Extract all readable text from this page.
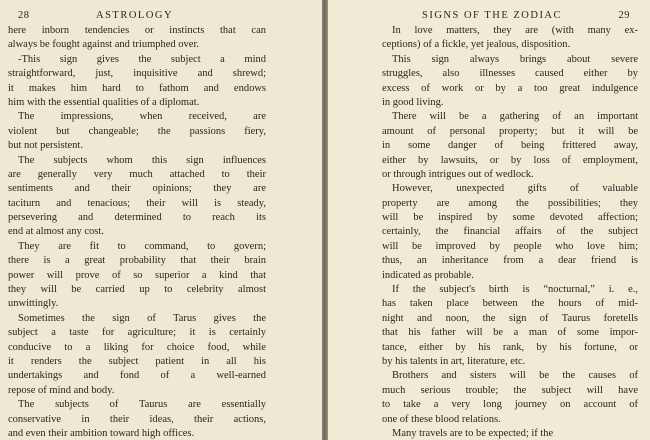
28	ASTROLOGY
here inborn tendencies or instincts that can
always be fought against and triumphed over.
-This sign gives the subject a mind
straightforward, just, inquisitive and shrewd;
it makes him hard to fathom and endows
him with the essential qualities of a diplomat.
The impressions, when received, are
violent but changeable; the passions fiery,
but not persistent.
The subjects whom this sign influences
are generally very much attached to their
sentiments and their opinions; they are
taciturn and tenacious; their will is steady,
persevering and determined to reach its
end at almost any cost.
They are fit to command, to govern;
there is a great probability that their brain
power will prove of so superior a kind that
they will be carried up to celebrity almost
unwittingly.
Sometimes the sign of Tarus gives the
subject a taste for agriculture; it is certainly
conducive to a liking for choice food, while
it renders the subject patient in all his
undertakings and fond of a well-earned
repose of mind and body.
The subjects of Taurus are essentially
conservative in their ideas, their actions,
and even their ambition toward high offices.
SIGNS OF THE ZODIAC	29
In love matters, they are (with many ex-
ceptions) of a fickle, yet jealous, disposition.
This sign always brings about severe
struggles, also illnesses caused either by
excess of work or by a too great indulgence
in good living.
There will be a gathering of an important
amount of personal property; but it will be
in some danger of being frittered away,
either by lawsuits, or by loss of employment,
or through intrigues out of wedlock.
However, unexpected gifts of valuable
property are among the possibilities; they
will be inspired by some devoted affection;
certainly, the financial affairs of the subject
will be improved by people who love him;
thus, an inheritance from a dear friend is
indicated as probable.
If the subject's birth is “nocturnal,” i. e.,
has taken place between the hours of mid-
night and noon, the sign of Taurus foretells
that his father will be a man of some impor-
tance, either by his rank, by his fortune, or
by his talents in art, literature, etc.
Brothers and sisters will be the causes of
much serious trouble; the subject will have
to take a very long journey on account of
one of these blood relations.
Many travels are to be expected; if the
